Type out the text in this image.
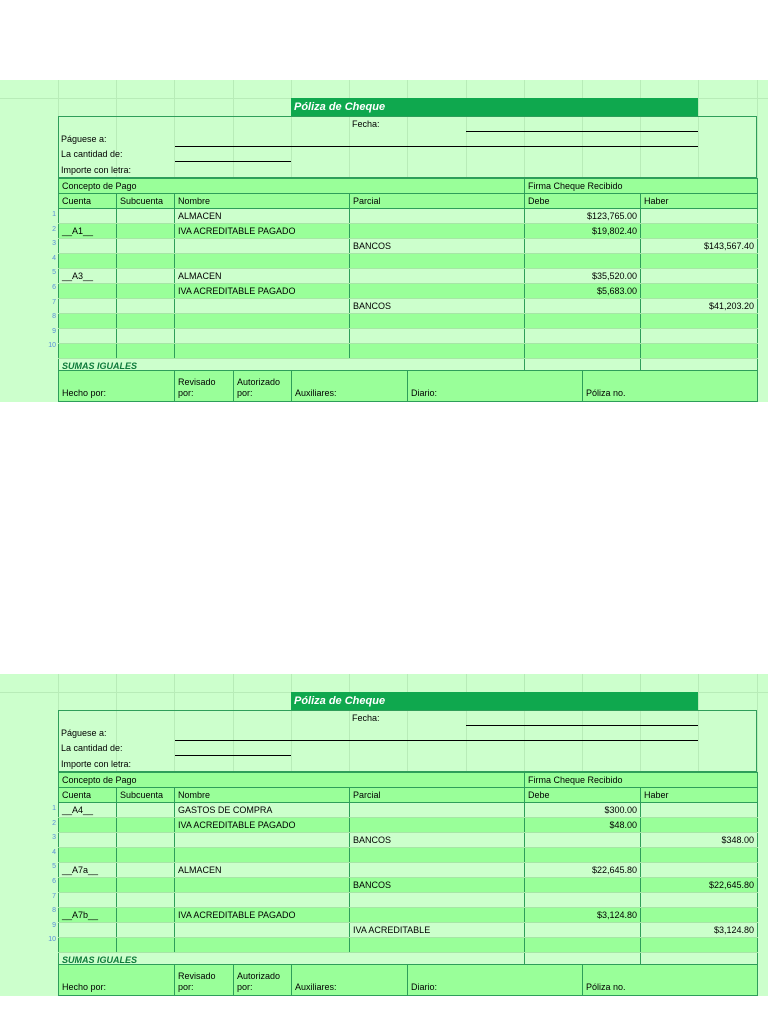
Póliza de Cheque
Fecha:
Páguese a:
La cantidad de:
Importe con letra:
Concepto de Pago				Firma Cheque Recibido	
Cuenta	Subcuenta	Nombre	Parcial	Debe	Haber
		ALMACEN		$123,765.00	
__A1__		IVA ACREDITABLE PAGADO		$19,802.40	
			BANCOS		$143,567.40

__A3__		ALMACEN		$35,520.00	
		IVA ACREDITABLE PAGADO		$5,683.00	
			BANCOS		$41,203.20

SUMAS IGUALES					
Hecho por:	Revisado por:	Autorizado por:	Auxiliares:	Diario:	Póliza no.
1
2
3
4
5
6
7
8
9
10
Póliza de Cheque
Fecha:
Páguese a:
La cantidad de:
Importe con letra:
Concepto de Pago				Firma Cheque Recibido	
Cuenta	Subcuenta	Nombre	Parcial	Debe	Haber
__A4__		GASTOS DE COMPRA		$300.00	
		IVA ACREDITABLE PAGADO		$48.00	
			BANCOS		$348.00

__A7a__		ALMACEN		$22,645.80	
			BANCOS		$22,645.80

__A7b__		IVA ACREDITABLE PAGADO		$3,124.80	
			IVA ACREDITABLE		$3,124.80

SUMAS IGUALES					
Hecho por:	Revisado por:	Autorizado por:	Auxiliares:	Diario:	Póliza no.
1
2
3
4
5
6
7
8
9
10
